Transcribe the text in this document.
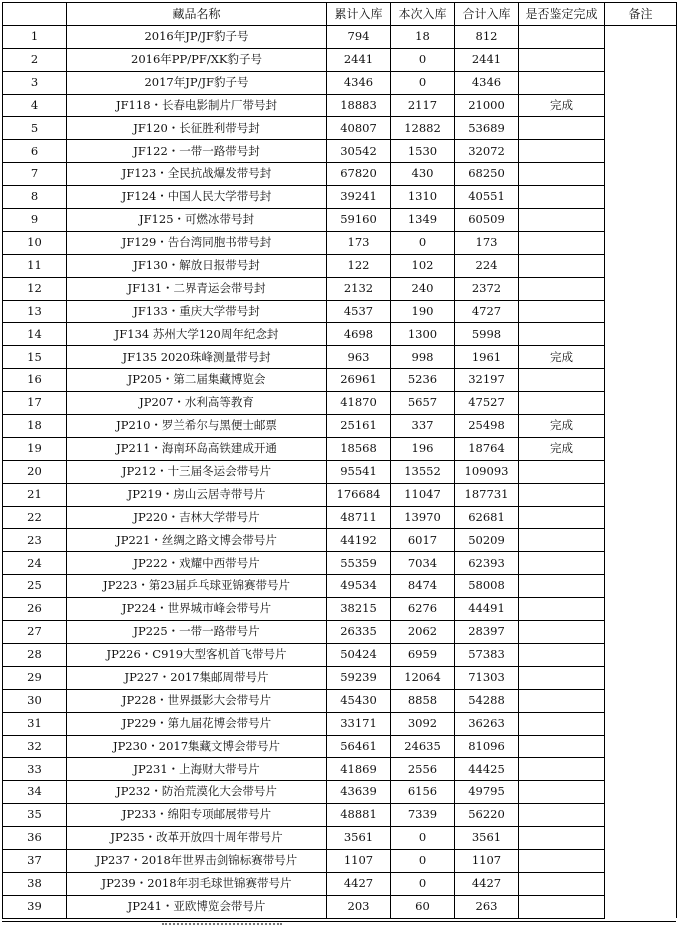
	藏品名称	累计入库	本次入库	合计入库	是否鉴定完成	备注
1	2016年JP/JF豹子号	794	18	812		
2	2016年PP/PF/XK豹子号	2441	0	2441		
3	2017年JP/JF豹子号	4346	0	4346		
4	JF118・长春电影制片厂带号封	18883	2117	21000	完成	
5	JF120・长征胜利带号封	40807	12882	53689		
6	JF122・一带一路带号封	30542	1530	32072		
7	JF123・全民抗战爆发带号封	67820	430	68250		
8	JF124・中国人民大学带号封	39241	1310	40551		
9	JF125・可燃冰带号封	59160	1349	60509		
10	JF129・告台湾同胞书带号封	173	0	173		
11	JF130・解放日报带号封	122	102	224		
12	JF131・二界青运会带号封	2132	240	2372		
13	JF133・重庆大学带号封	4537	190	4727		
14	JF134 苏州大学120周年纪念封	4698	1300	5998		
15	JF135 2020珠峰测量带号封	963	998	1961	完成	
16	JP205・第二届集藏博览会	26961	5236	32197		
17	JP207・水利高等教育	41870	5657	47527		
18	JP210・罗兰希尔与黑便士邮票	25161	337	25498	完成	
19	JP211・海南环岛高铁建成开通	18568	196	18764	完成	
20	JP212・十三届冬运会带号片	95541	13552	109093		
21	JP219・房山云居寺带号片	176684	11047	187731		
22	JP220・吉林大学带号片	48711	13970	62681		
23	JP221・丝绸之路文博会带号片	44192	6017	50209		
24	JP222・戏耀中西带号片	55359	7034	62393		
25	JP223・第23届乒乓球亚锦赛带号片	49534	8474	58008		
26	JP224・世界城市峰会带号片	38215	6276	44491		
27	JP225・一带一路带号片	26335	2062	28397		
28	JP226・C919大型客机首飞带号片	50424	6959	57383		
29	JP227・2017集邮周带号片	59239	12064	71303		
30	JP228・世界摄影大会带号片	45430	8858	54288		
31	JP229・第九届花博会带号片	33171	3092	36263		
32	JP230・2017集藏文博会带号片	56461	24635	81096		
33	JP231・上海财大带号片	41869	2556	44425		
34	JP232・防治荒漠化大会带号片	43639	6156	49795		
35	JP233・绵阳专项邮展带号片	48881	7339	56220		
36	JP235・改革开放四十周年带号片	3561	0	3561		
37	JP237・2018年世界击剑锦标赛带号片	1107	0	1107		
38	JP239・2018年羽毛球世锦赛带号片	4427	0	4427		
39	JP241・亚欧博览会带号片	203	60	263		
